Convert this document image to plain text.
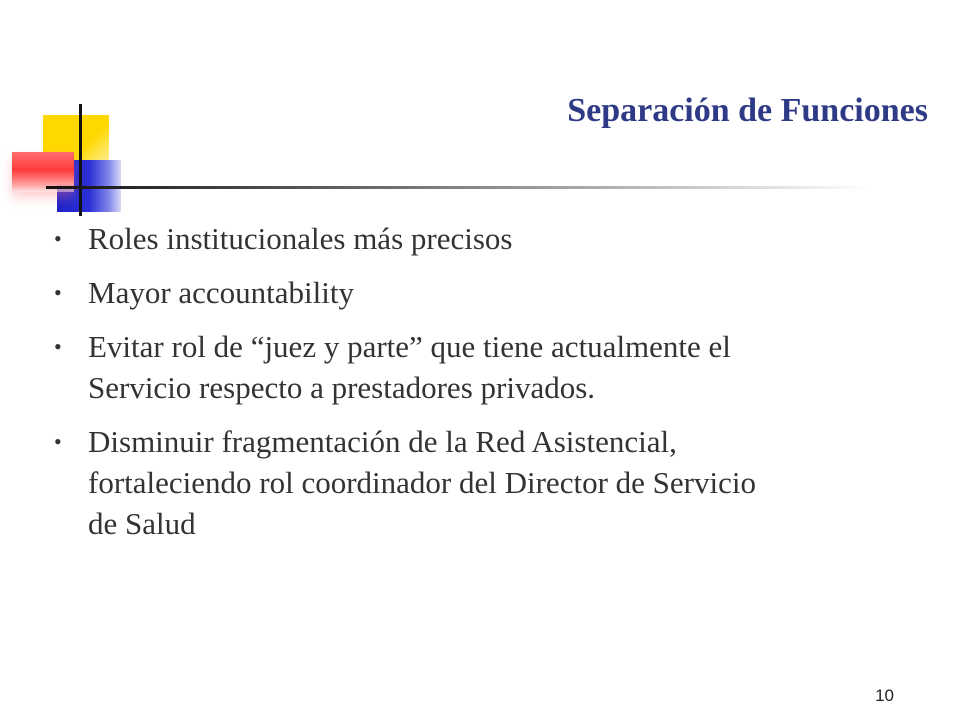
Separación de Funciones
• Roles institucionales más precisos
• Mayor accountability
• Evitar rol de “juez y parte” que tiene actualmente el
Servicio respecto a prestadores privados.
• Disminuir fragmentación de la Red Asistencial,
fortaleciendo rol coordinador del Director de Servicio
de Salud
10
